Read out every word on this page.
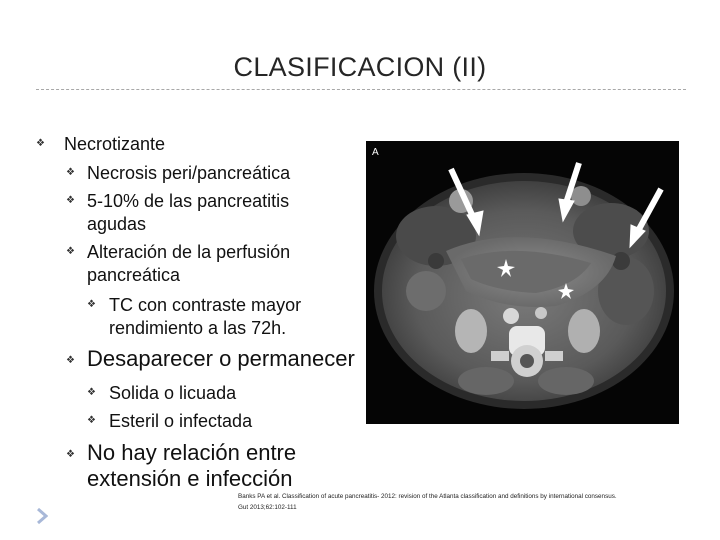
CLASIFICACION (II)
❖ Necrotizante
❖ Necrosis peri/pancreática
❖ 5-10% de las pancreatitis
agudas
❖ Alteración de la perfusión
pancreática
❖ TC con contraste mayor
rendimiento a las 72h.
❖ Desaparecer o permanecer
❖ Solida o licuada
❖ Esteril o infectada
❖ No hay relación entre
extensión e infección
A
Banks PA et al. Classification of acute pancreatitis- 2012: revision of the Atlanta classification and definitions by international consensus.
Gut 2013;62:102-111
